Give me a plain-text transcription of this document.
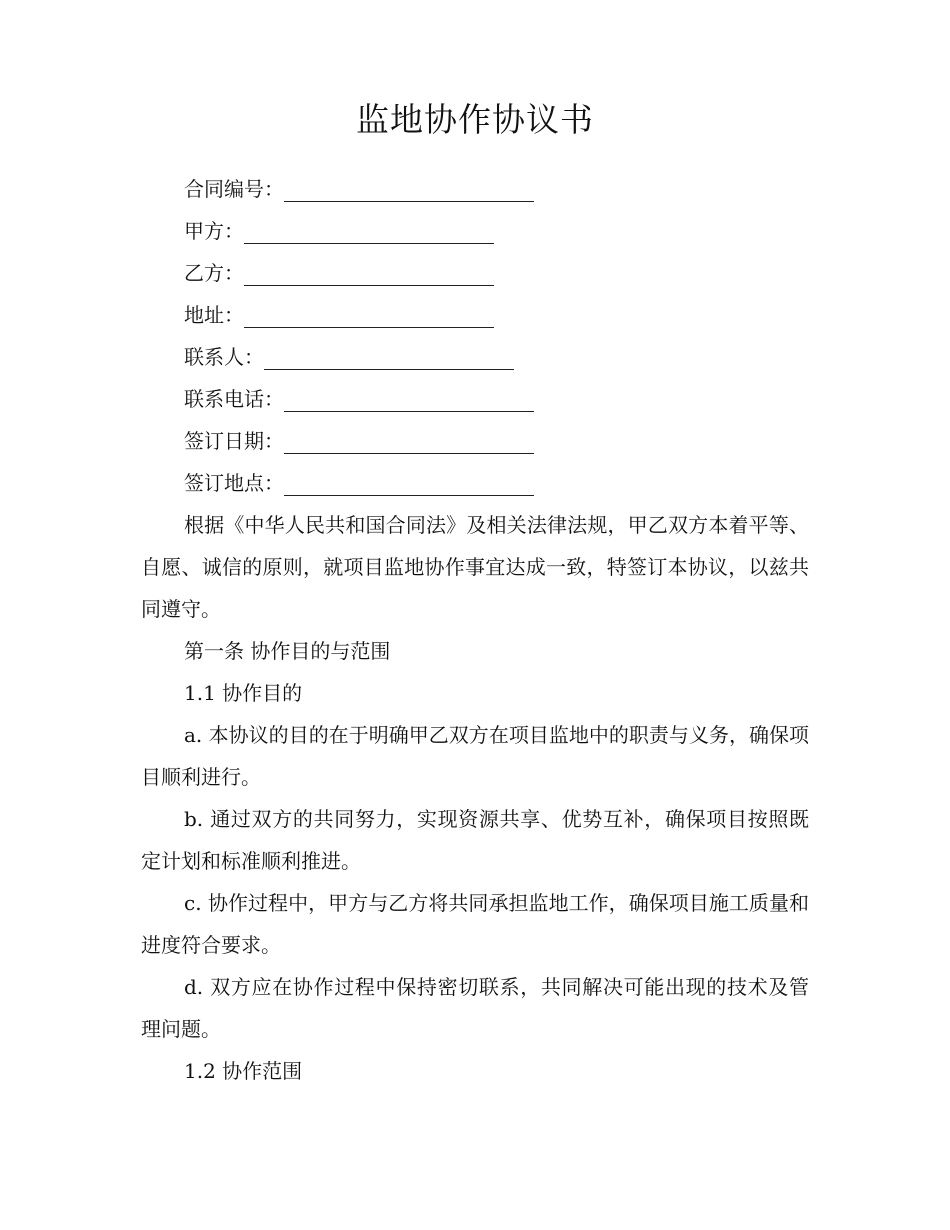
监地协作协议书
合同编号：
甲方：
乙方：
地址：
联系人：
联系电话：
签订日期：
签订地点：

根据《中华人民共和国合同法》及相关法律法规，甲乙双方本着平等、自愿、诚信的原则，就项目监地协作事宜达成一致，特签订本协议，以兹共同遵守。

第一条 协作目的与范围

1.1 协作目的

a. 本协议的目的在于明确甲乙双方在项目监地中的职责与义务，确保项目顺利进行。

b. 通过双方的共同努力，实现资源共享、优势互补，确保项目按照既定计划和标准顺利推进。

c. 协作过程中，甲方与乙方将共同承担监地工作，确保项目施工质量和进度符合要求。

d. 双方应在协作过程中保持密切联系，共同解决可能出现的技术及管理问题。

1.2 协作范围
